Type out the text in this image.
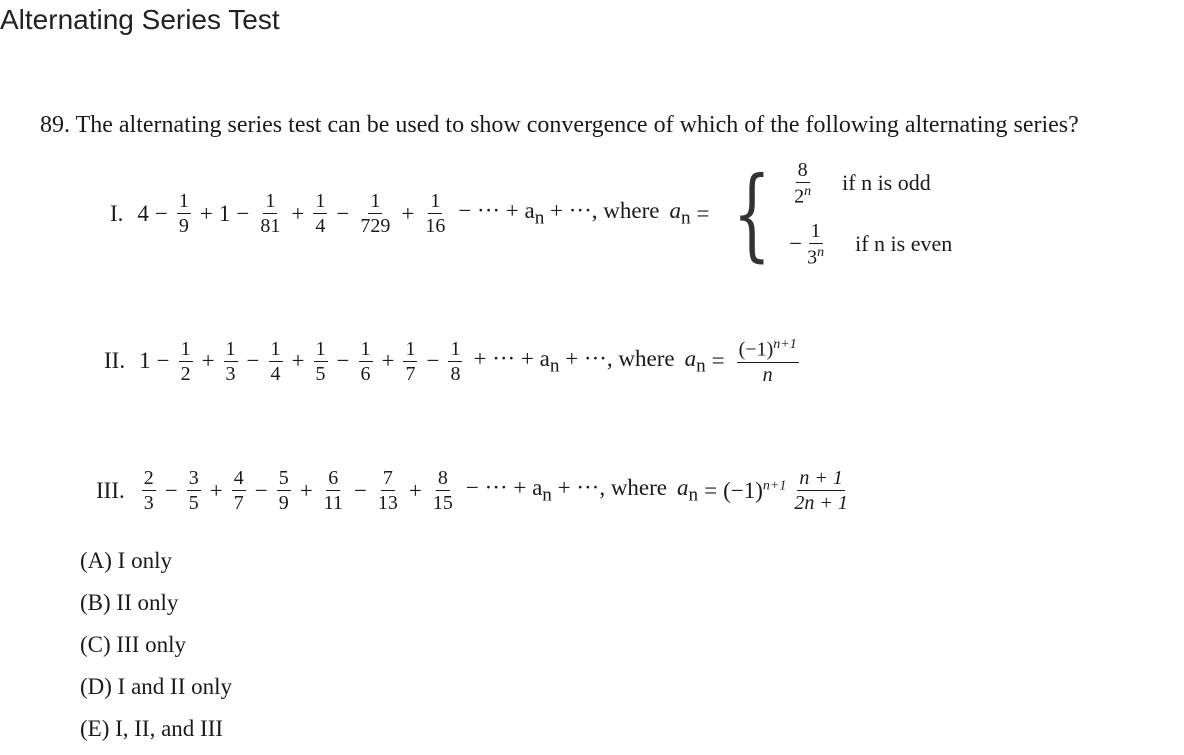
Alternating Series Test
89. The alternating series test can be used to show convergence of which of the following alternating series?
I. $4 - \frac{1}{9} + 1 - \frac{1}{81} + \frac{1}{4} - \frac{1}{729} + \frac{1}{16}$ − ··· + $a_n$ + ···, where $a_n$ = { $\frac{8}{2^n}$ if n is odd
− $\frac{1}{3^n}$ if n is even
II. $1 - \frac{1}{2} + \frac{1}{3} - \frac{1}{4} + \frac{1}{5} - \frac{1}{6} + \frac{1}{7} - \frac{1}{8}$ + ··· + $a_n$ + ···, where $a_n = \frac{(-1)^{n+1}}{n}$
III. $\frac{2}{3} - \frac{3}{5} + \frac{4}{7} - \frac{5}{9} + \frac{6}{11} - \frac{7}{13} + \frac{8}{15}$ − ··· + $a_n$ + ···, where $a_n = (-1)^{n+1} \frac{n + 1}{2n + 1}$
(A) I only
(B) II only
(C) III only
(D) I and II only
(E) I, II, and III
